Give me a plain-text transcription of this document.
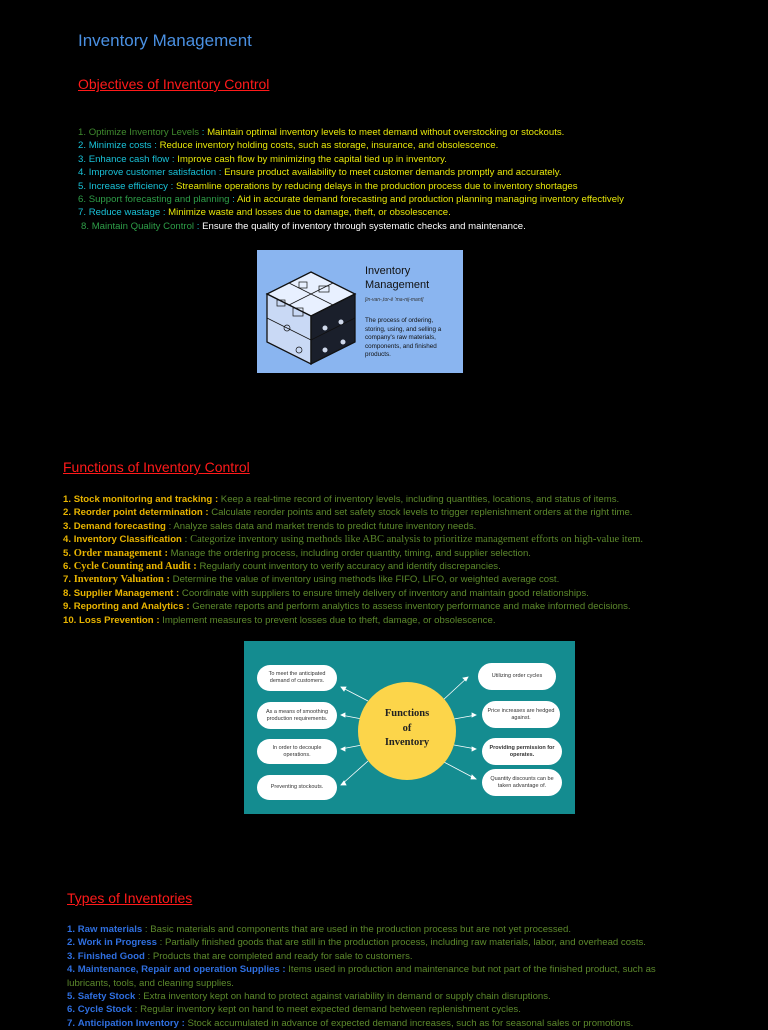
Inventory Management
Objectives of Inventory Control
1. Optimize Inventory Levels : Maintain optimal inventory levels to meet demand without overstocking or stockouts.
2. Minimize costs : Reduce inventory holding costs, such as storage, insurance, and obsolescence.
3. Enhance cash flow : Improve cash flow by minimizing the capital tied up in inventory.
4. Improve customer satisfaction : Ensure product availability to meet customer demands promptly and accurately.
5. Increase efficiency : Streamline operations by reducing delays in the production process due to inventory shortages
6. Support forecasting and planning : Aid in accurate demand forecasting and production planning managing inventory effectively
7. Reduce wastage : Minimize waste and losses due to damage, theft, or obsolescence.
8. Maintain Quality Control : Ensure the quality of inventory through systematic checks and maintenance.
Inventory
Management
[in-van-,tor-ē 'ma-nij-mant]
The process of ordering,
storing, using, and selling a
company's raw materials,
components, and finished
products.
Functions of Inventory Control
1. Stock monitoring and tracking : Keep a real-time record of inventory levels, including quantities, locations, and status of items.
2. Reorder point determination : Calculate reorder points and set safety stock levels to trigger replenishment orders at the right time.
3. Demand forecasting : Analyze sales data and market trends to predict future inventory needs.
4. Inventory Classification : Categorize inventory using methods like ABC analysis to prioritize management efforts on high-value item.
5. Order management : Manage the ordering process, including order quantity, timing, and supplier selection.
6. Cycle Counting and Audit : Regularly count inventory to verify accuracy and identify discrepancies.
7. Inventory Valuation : Determine the value of inventory using methods like FIFO, LIFO, or weighted average cost.
8. Supplier Management : Coordinate with suppliers to ensure timely delivery of inventory and maintain good relationships.
9. Reporting and Analytics : Generate reports and perform analytics to assess inventory performance and make informed decisions.
10. Loss Prevention : Implement measures to prevent losses due to theft, damage, or obsolescence.
Functions
of
Inventory
To meet the anticipated demand of customers.
As a means of smoothing production requirements.
In order to decouple operations.
Preventing stockouts.
Utilizing order cycles
Price increases are hedged against.
Providing permission for operates.
Quantity discounts can be taken advantage of.
Types of Inventories
1. Raw materials : Basic materials and components that are used in the production process but are not yet processed.
2. Work in Progress : Partially finished goods that are still in the production process, including raw materials, labor, and overhead costs.
3. Finished Good : Products that are completed and ready for sale to customers.
4. Maintenance, Repair and operation Supplies : Items used in production and maintenance but not part of the finished product, such as
lubricants, tools, and cleaning supplies.
5. Safety Stock : Extra inventory kept on hand to protect against variability in demand or supply chain disruptions.
6. Cycle Stock : Regular inventory kept on hand to meet expected demand between replenishment cycles.
7. Anticipation Inventory : Stock accumulated in advance of expected demand increases, such as for seasonal sales or promotions.
